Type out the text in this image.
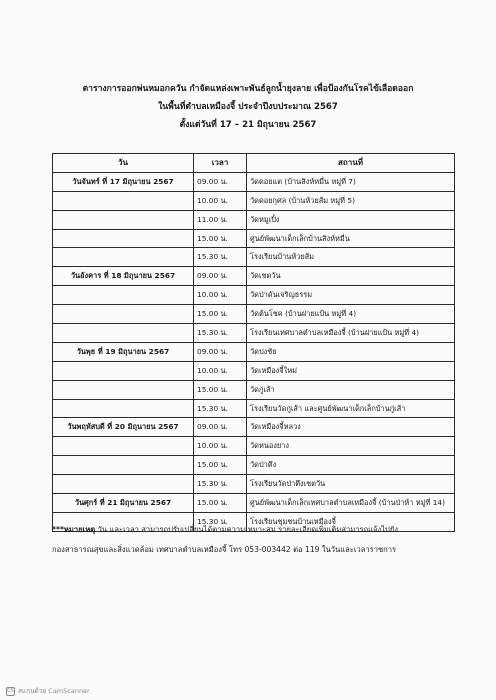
ตารางการออกพ่นหมอกควัน กำจัดแหล่งเพาะพันธ์ลูกน้ำยุงลาย เพื่อป้องกันโรคไข้เลือดออก
ในพื้นที่ตำบลเหมืองจี้ ประจำปีงบประมาณ 2567
ตั้งแต่วันที่ 17 – 21 มิถุนายน 2567
วัน	เวลา	สถานที่
วันจันทร์ ที่ 17 มิถุนายน 2567	09.00 น.	วัดดอยแต (บ้านสิงห์หมื่น หมู่ที่ 7)
	10.00 น.	วัดดอยกุศล (บ้านห้วยส้ม หมู่ที่ 5)
	11.00 น.	วัดหมูเปิ้ง
	15.00 น.	ศูนย์พัฒนาเด็กเล็กบ้านสิงห์หมื่น
	15.30 น.	โรงเรียนบ้านห้วยส้ม
วันอังคาร ที่ 18 มิถุนายน 2567	09.00 น.	วัดเชตวัน
	10.00 น.	วัดป่าดันเจริญธรรม
	15.00 น.	วัดต้นโชค (บ้านฝายแป้น หมู่ที่ 4)
	15.30 น.	โรงเรียนเทศบาลตำบลเหมืองจี้ (บ้านฝายแป้น หมู่ที่ 4)
วันพุธ ที่ 19 มิถุนายน 2567	09.00 น.	วัดปงชัย
	10.00 น.	วัดเหมืองจี้ใหม่
	15.00 น.	วัดกู่เส้า
	15.30 น.	โรงเรียนวัดกู่เส้า และศูนย์พัฒนาเด็กเล็กบ้านกู่เส้า
วันพฤหัสบดี ที่ 20 มิถุนายน 2567	09.00 น.	วัดเหมืองจี้หลวง
	10.00 น.	วัดหนองยาง
	15.00 น.	วัดป่าตึง
	15.30 น.	โรงเรียนวัดป่าตึงเชตวัน
วันศุกร์ ที่ 21 มิถุนายน 2567	15.00 น.	ศูนย์พัฒนาเด็กเล็กเทศบาลตำบลเหมืองจี้ (บ้านป่าห้า หมู่ที่ 14)
	15.30 น.	โรงเรียนชุมชนบ้านเหมืองจี้
***หมายเหตุ วัน และเวลา สามารถปรับเปลี่ยนได้ตามความเหมาะสม รายละเอียดเพิ่มเติมสามารถแจ้งไปยัง
กองสาธารณสุขและสิ่งแวดล้อม เทศบาลตำบลเหมืองจี้ โทร 053-003442 ต่อ 119 ในวันและเวลาราชการ
CS สแกนด้วย CamScanner
